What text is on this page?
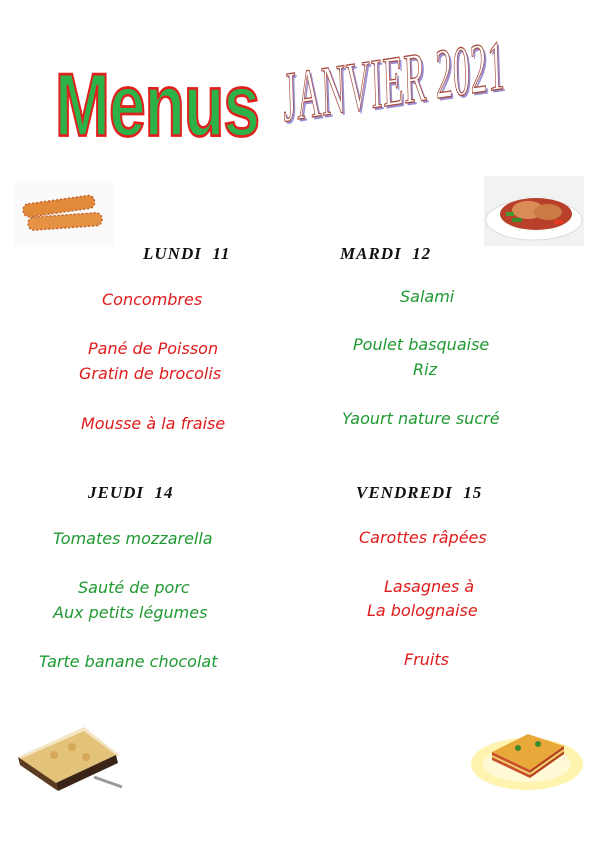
Menus JANVIER 2021
LUNDI  11
Concombres
Pané de Poisson
Gratin de brocolis
Mousse à la fraise
MARDI  12
Salami
Poulet basquaise
Riz
Yaourt nature sucré
JEUDI  14
Tomates mozzarella
Sauté de porc
Aux petits légumes
Tarte banane chocolat
VENDREDI  15
Carottes râpées
Lasagnes à
La bolognaise
Fruits
